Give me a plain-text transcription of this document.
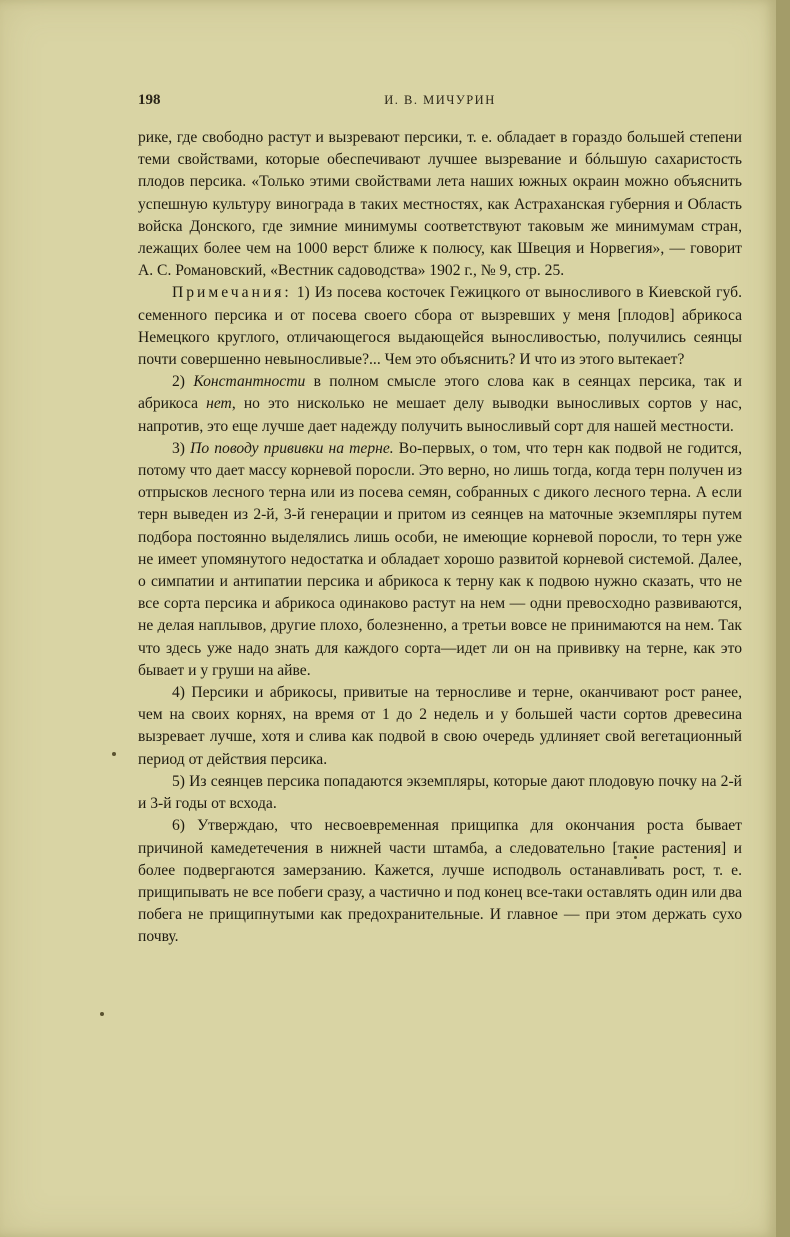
198	И. В. МИЧУРИН

рике, где свободно растут и вызревают персики, т. е. обладает в гораздо большей степени теми свойствами, которые обеспечивают лучшее вызревание и бóльшую сахаристость плодов персика. «Только этими свойствами лета наших южных окраин можно объяснить успешную культуру винограда в таких местностях, как Астраханская губерния и Область войска Донского, где зимние минимумы соответствуют таковым же минимумам стран, лежащих более чем на 1000 верст ближе к полюсу, как Швеция и Норвегия», — говорит А. С. Романовский, «Вестник садоводства» 1902 г., № 9, стр. 25.

Примечания: 1) Из посева косточек Гежицкого от выносливого в Киевской губ. семенного персика и от посева своего сбора от вызревших у меня [плодов] абрикоса Немецкого круглого, отличающегося выдающейся выносливостью, получились сеянцы почти совершенно невыносливые?... Чем это объяснить? И что из этого вытекает?

2) Константности в полном смысле этого слова как в сеянцах персика, так и абрикоса нет, но это нисколько не мешает делу выводки выносливых сортов у нас, напротив, это еще лучше дает надежду получить выносливый сорт для нашей местности.

3) По поводу прививки на терне. Во-первых, о том, что терн как подвой не годится, потому что дает массу корневой поросли. Это верно, но лишь тогда, когда терн получен из отпрысков лесного терна или из посева семян, собранных с дикого лесного терна. А если терн выведен из 2-й, 3-й генерации и притом из сеянцев на маточные экземпляры путем подбора постоянно выделялись лишь особи, не имеющие корневой поросли, то терн уже не имеет упомянутого недостатка и обладает хорошо развитой корневой системой. Далее, о симпатии и антипатии персика и абрикоса к терну как к подвою нужно сказать, что не все сорта персика и абрикоса одинаково растут на нем — одни превосходно развиваются, не делая наплывов, другие плохо, болезненно, а третьи вовсе не принимаются на нем. Так что здесь уже надо знать для каждого сорта—идет ли он на прививку на терне, как это бывает и у груши на айве.

4) Персики и абрикосы, привитые на терносливе и терне, оканчивают рост ранее, чем на своих корнях, на время от 1 до 2 недель и у большей части сортов древесина вызревает лучше, хотя и слива как подвой в свою очередь удлиняет свой вегетационный период от действия персика.

5) Из сеянцев персика попадаются экземпляры, которые дают плодовую почку на 2-й и 3-й годы от всхода.

6) Утверждаю, что несвоевременная прищипка для окончания роста бывает причиной камедетечения в нижней части штамба, а следовательно [такие растения] и более подвергаются замерзанию. Кажется, лучше исподволь останавливать рост, т. е. прищипывать не все побеги сразу, а частично и под конец все-таки оставлять один или два побега не прищипнутыми как предохранительные. И главное — при этом держать сухо почву.
